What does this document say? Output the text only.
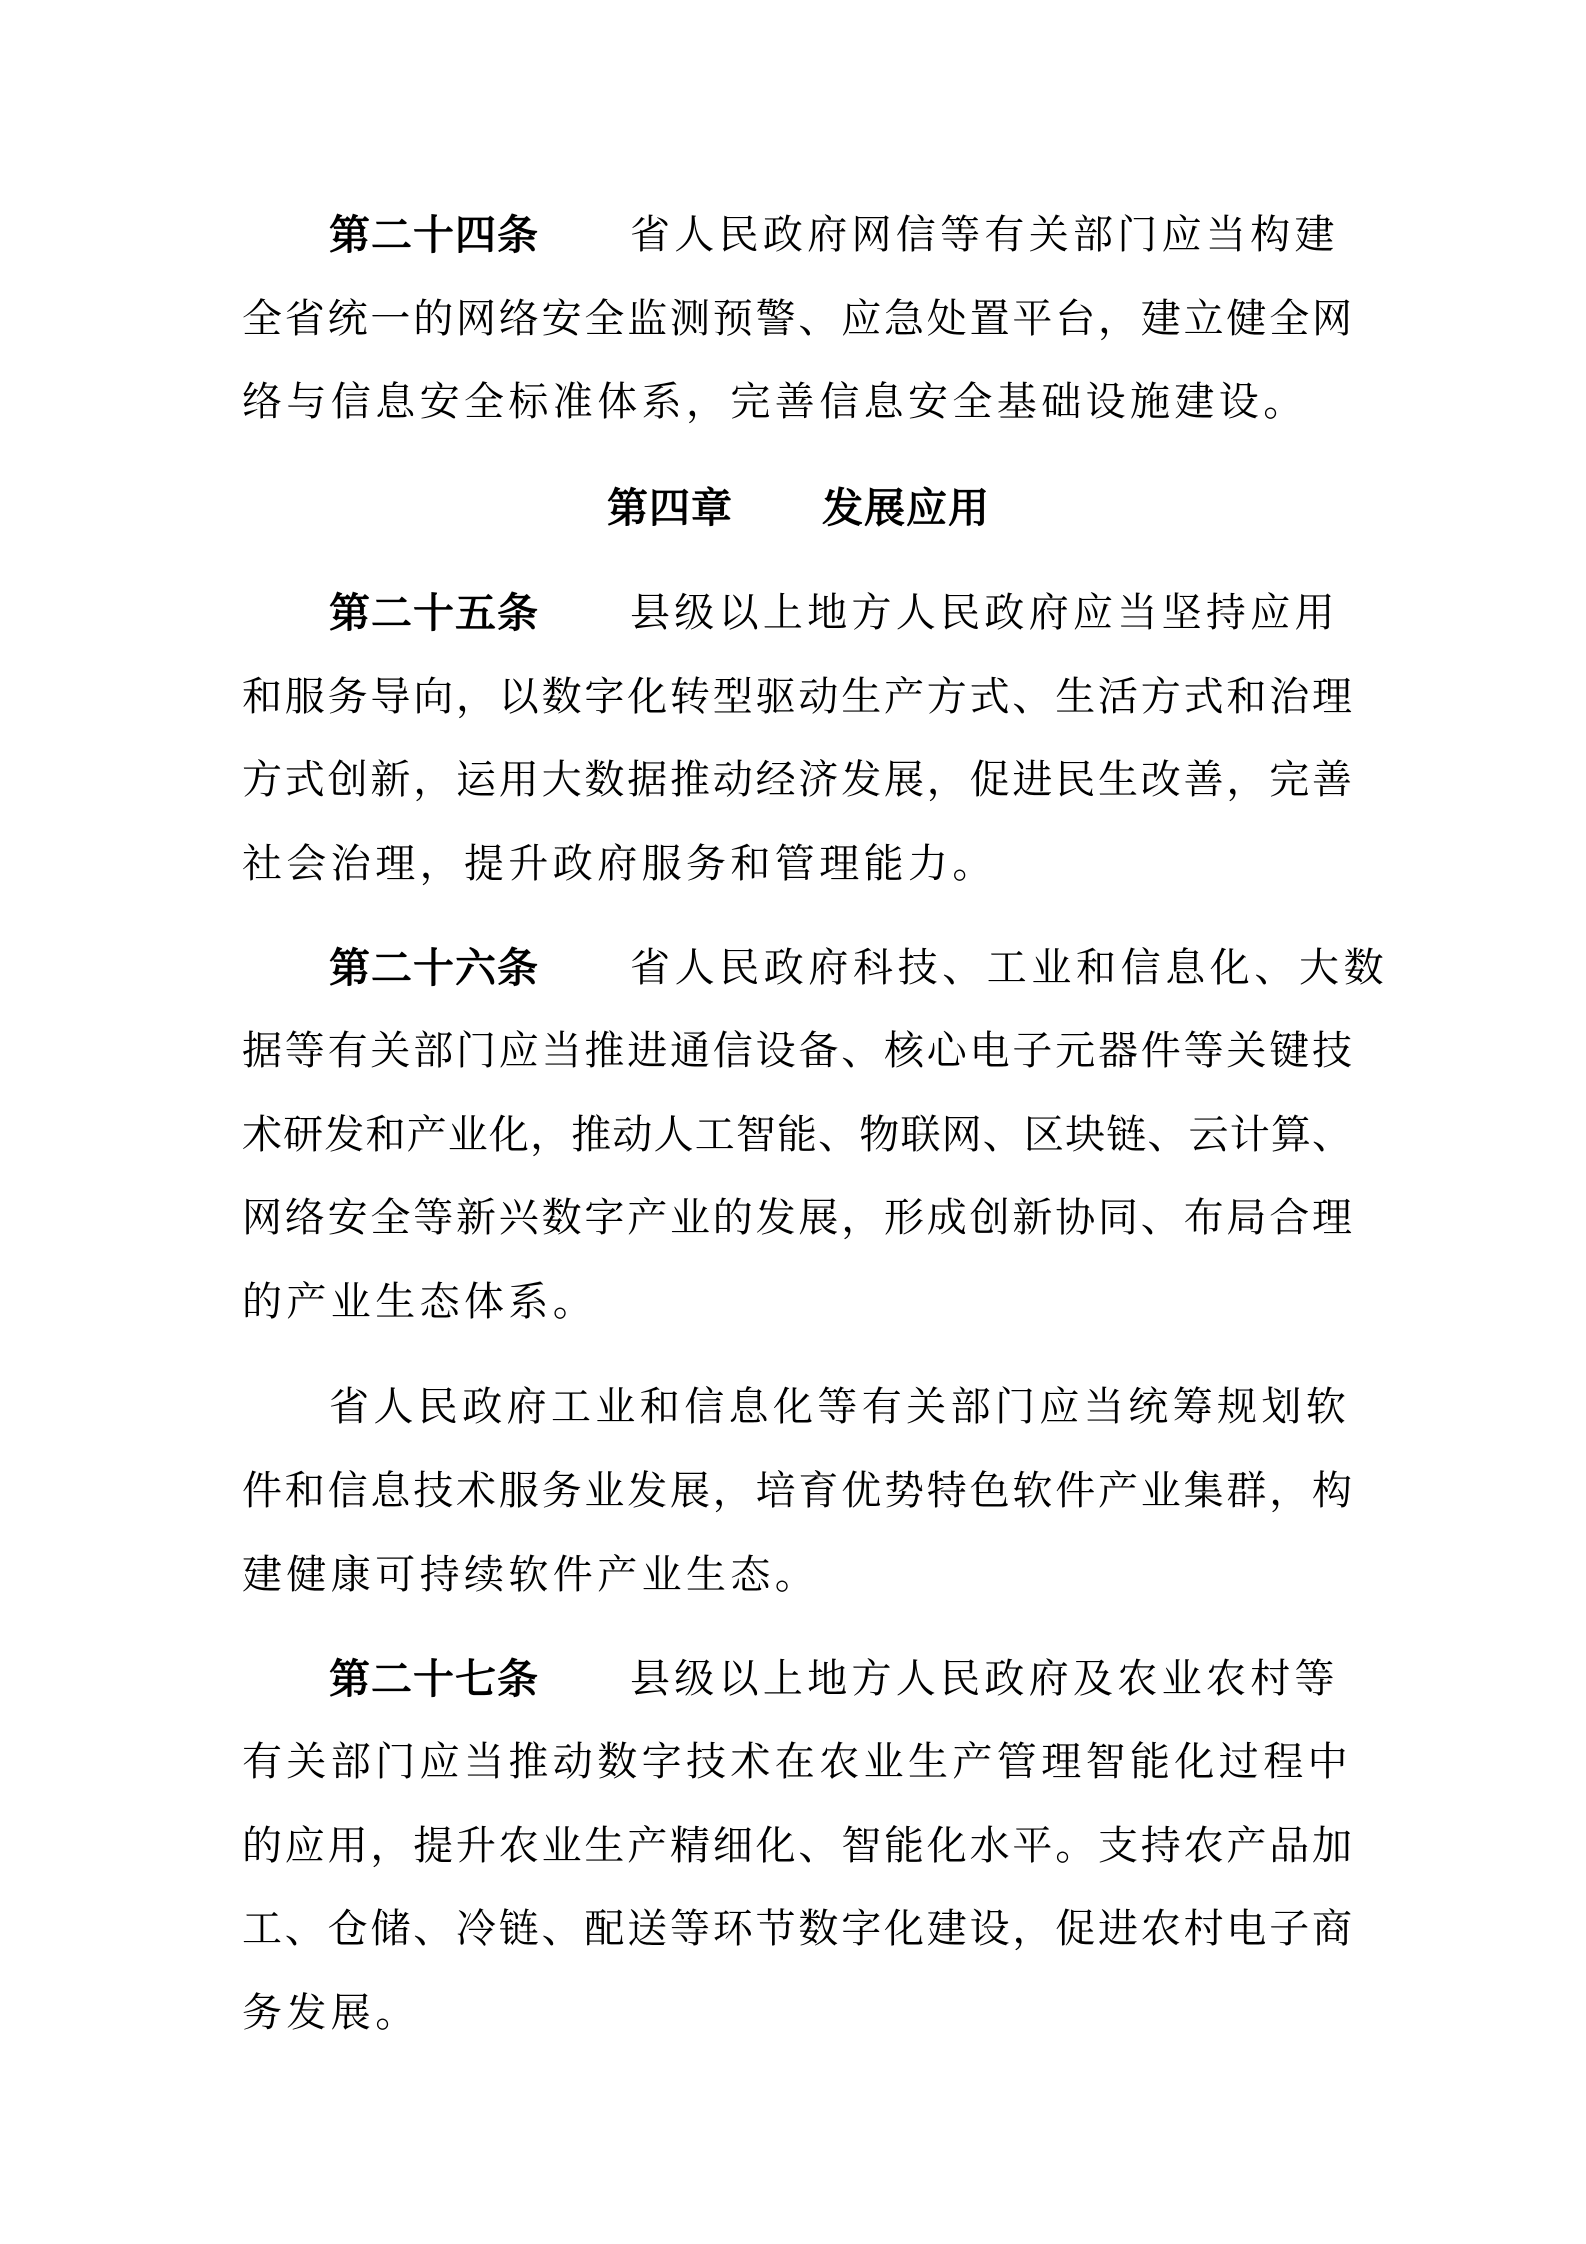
第二十四条 省人民政府网信等有关部门应当构建
全省统一的网络安全监测预警、应急处置平台，建立健全网
络与信息安全标准体系，完善信息安全基础设施建设。
第四章 发展应用
第二十五条 县级以上地方人民政府应当坚持应用
和服务导向，以数字化转型驱动生产方式、生活方式和治理
方式创新，运用大数据推动经济发展，促进民生改善，完善
社会治理，提升政府服务和管理能力。
第二十六条 省人民政府科技、工业和信息化、大数
据等有关部门应当推进通信设备、核心电子元器件等关键技
术研发和产业化，推动人工智能、物联网、区块链、云计算、
网络安全等新兴数字产业的发展，形成创新协同、布局合理
的产业生态体系。
省人民政府工业和信息化等有关部门应当统筹规划软
件和信息技术服务业发展，培育优势特色软件产业集群，构
建健康可持续软件产业生态。
第二十七条 县级以上地方人民政府及农业农村等
有关部门应当推动数字技术在农业生产管理智能化过程中
的应用，提升农业生产精细化、智能化水平。支持农产品加
工、仓储、冷链、配送等环节数字化建设，促进农村电子商
务发展。
